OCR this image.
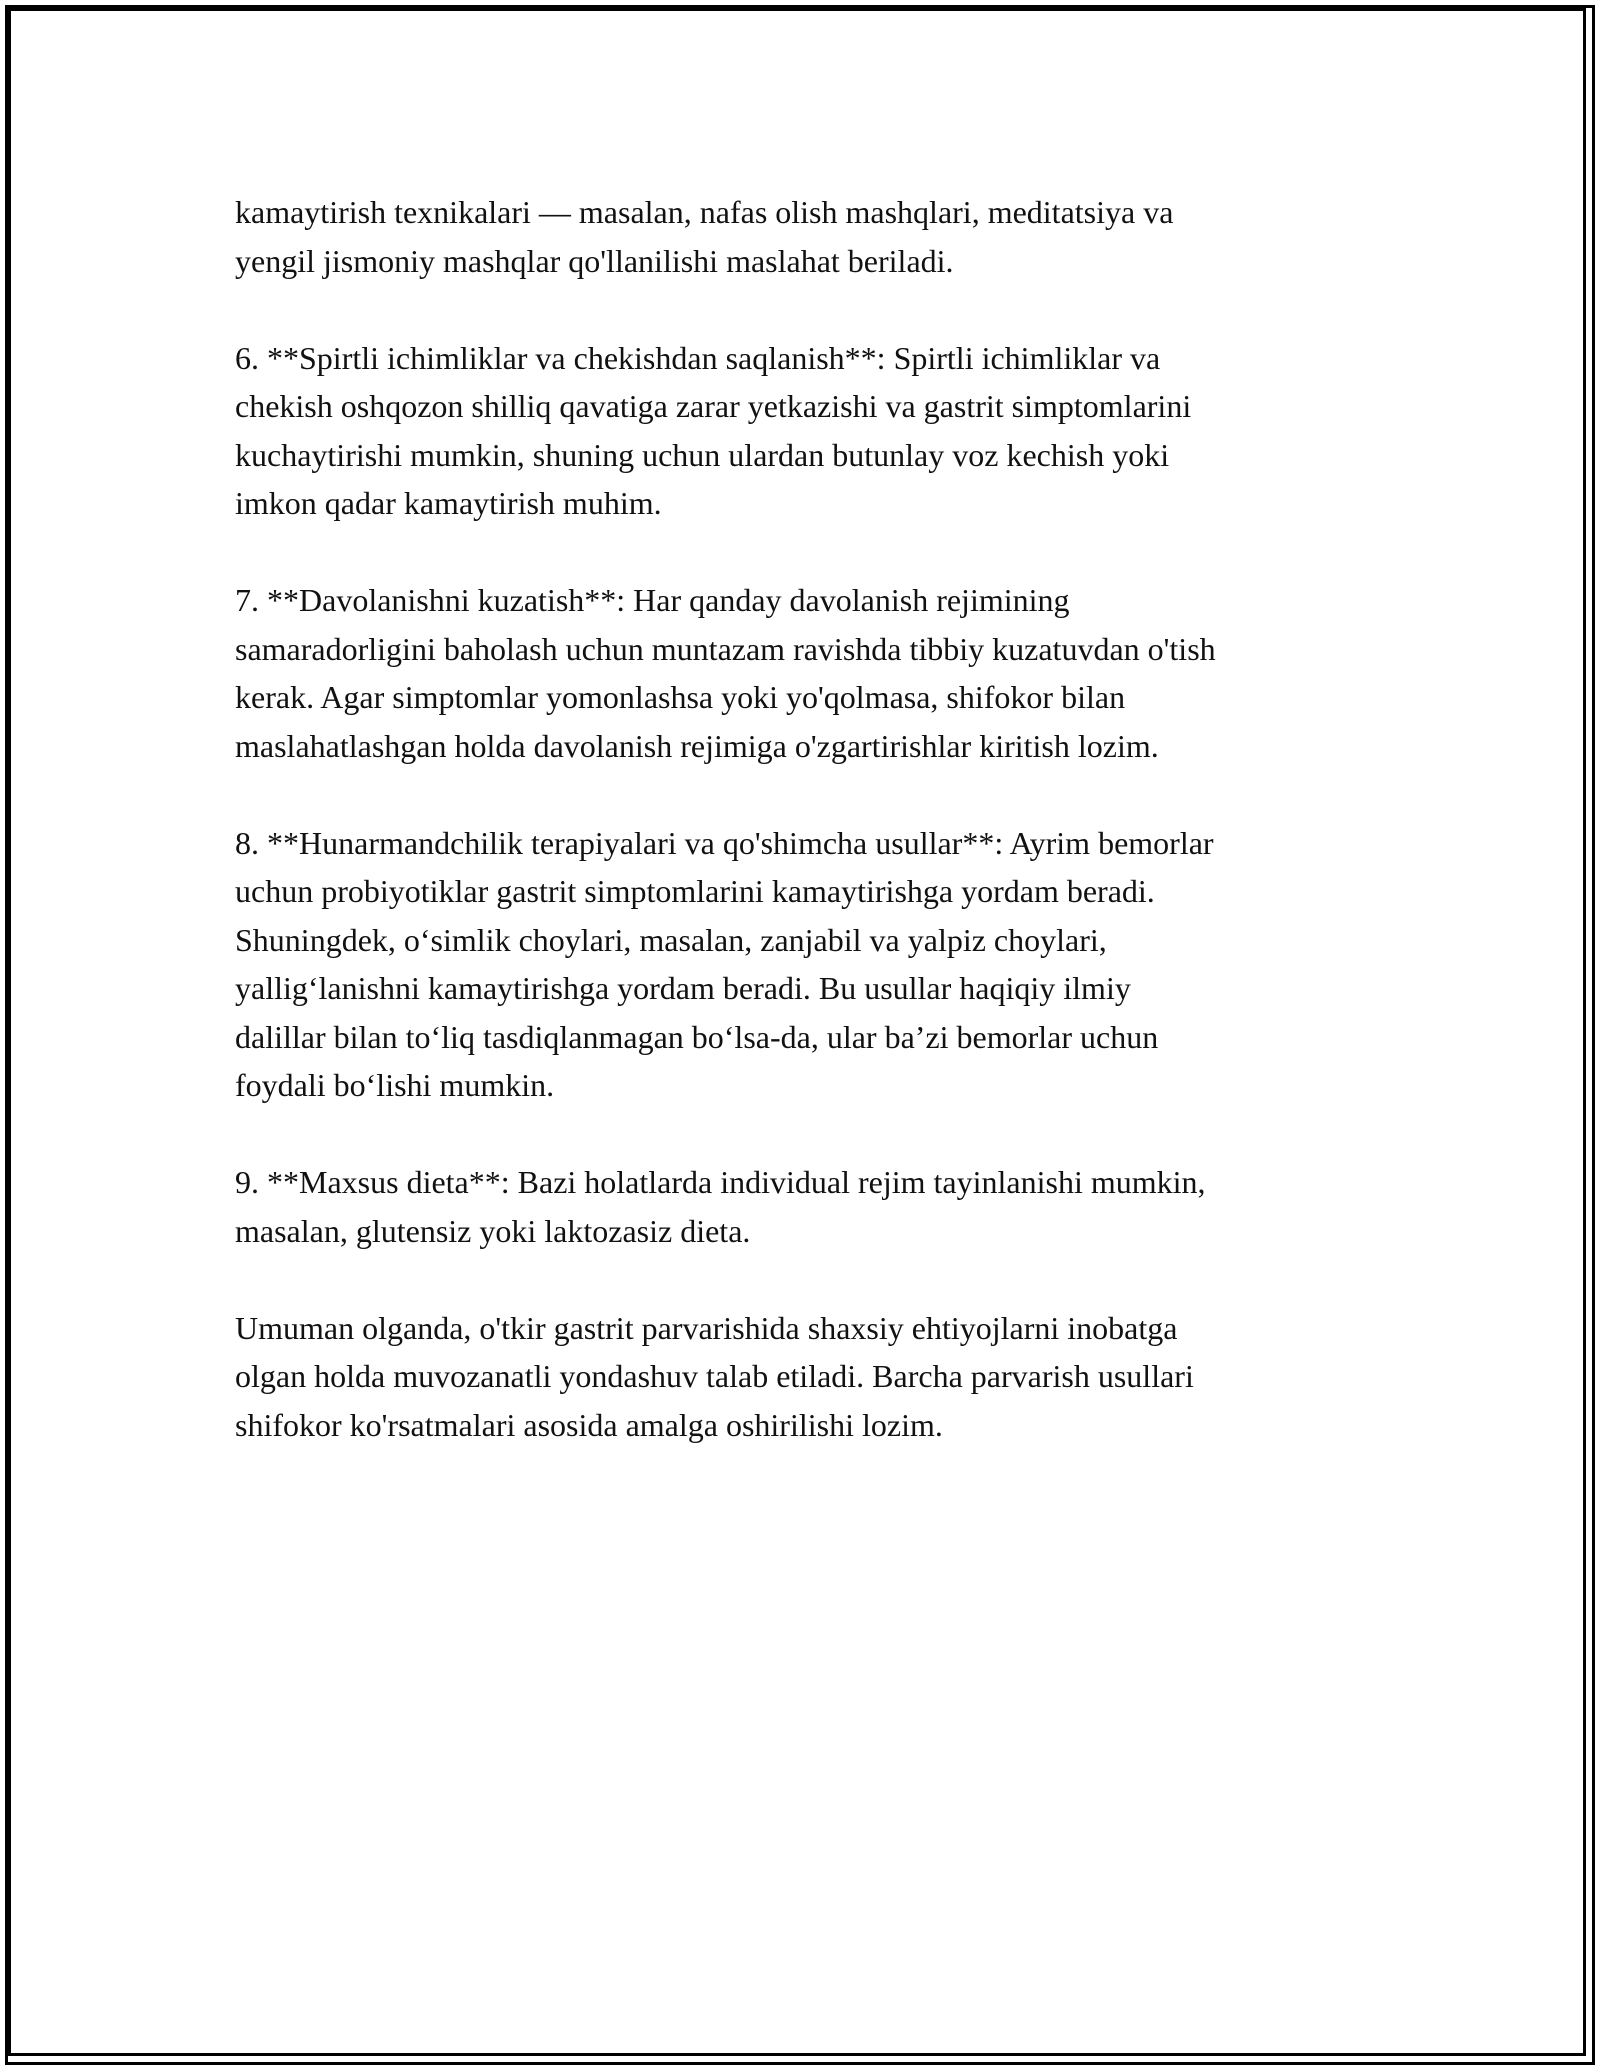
kamaytirish texnikalari — masalan, nafas olish mashqlari, meditatsiya va
yengil jismoniy mashqlar qo'llanilishi maslahat beriladi.

6. **Spirtli ichimliklar va chekishdan saqlanish**: Spirtli ichimliklar va
chekish oshqozon shilliq qavatiga zarar yetkazishi va gastrit simptomlarini
kuchaytirishi mumkin, shuning uchun ulardan butunlay voz kechish yoki
imkon qadar kamaytirish muhim.

7. **Davolanishni kuzatish**: Har qanday davolanish rejimining
samaradorligini baholash uchun muntazam ravishda tibbiy kuzatuvdan o'tish
kerak. Agar simptomlar yomonlashsa yoki yo'qolmasa, shifokor bilan
maslahatlashgan holda davolanish rejimiga o'zgartirishlar kiritish lozim.

8. **Hunarmandchilik terapiyalari va qo'shimcha usullar**: Ayrim bemorlar
uchun probiyotiklar gastrit simptomlarini kamaytirishga yordam beradi.
Shuningdek, o‘simlik choylari, masalan, zanjabil va yalpiz choylari,
yallig‘lanishni kamaytirishga yordam beradi. Bu usullar haqiqiy ilmiy
dalillar bilan to‘liq tasdiqlanmagan bo‘lsa-da, ular ba’zi bemorlar uchun
foydali bo‘lishi mumkin.

9. **Maxsus dieta**: Bazi holatlarda individual rejim tayinlanishi mumkin,
masalan, glutensiz yoki laktozasiz dieta.

Umuman olganda, o'tkir gastrit parvarishida shaxsiy ehtiyojlarni inobatga
olgan holda muvozanatli yondashuv talab etiladi. Barcha parvarish usullari
shifokor ko'rsatmalari asosida amalga oshirilishi lozim.
